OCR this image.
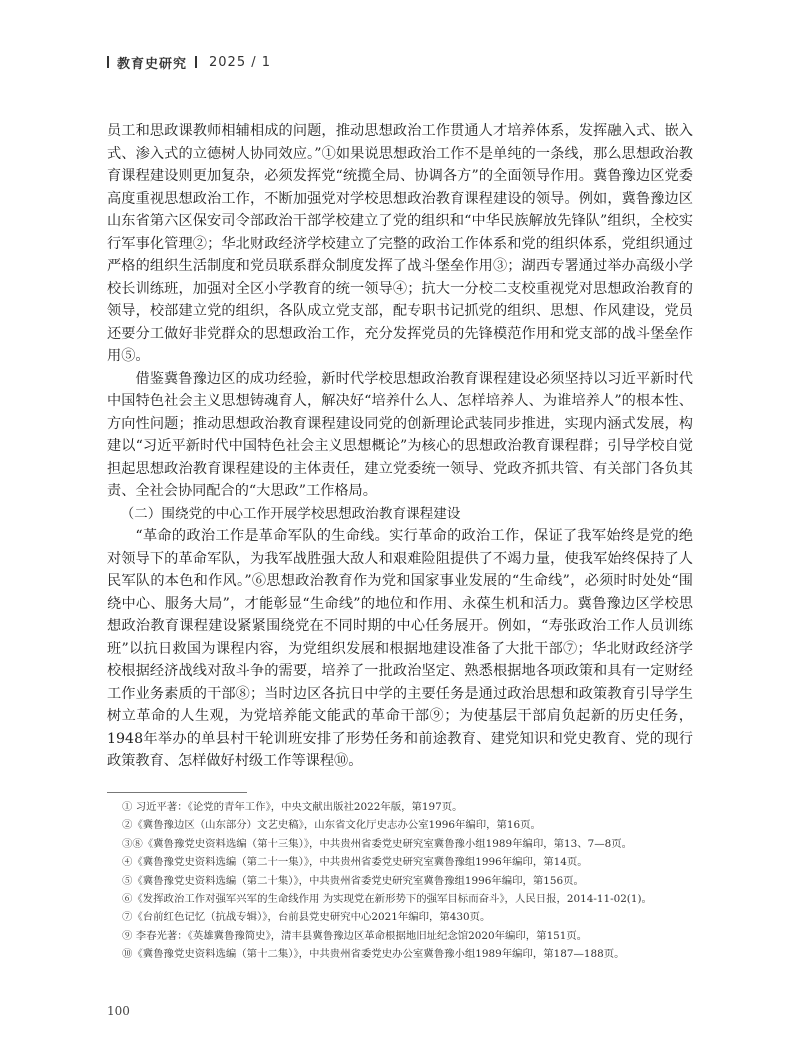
教育史研究 2025 / 1

员工和思政课教师相辅相成的问题，推动思想政治工作贯通人才培养体系，发挥融入式、嵌入式、渗入式的立德树人协同效应。”①如果说思想政治工作不是单纯的一条线，那么思想政治教育课程建设则更加复杂，必须发挥党“统揽全局、协调各方”的全面领导作用。冀鲁豫边区党委高度重视思想政治工作，不断加强党对学校思想政治教育课程建设的领导。例如，冀鲁豫边区山东省第六区保安司令部政治干部学校建立了党的组织和“中华民族解放先锋队”组织，全校实行军事化管理②；华北财政经济学校建立了完整的政治工作体系和党的组织体系，党组织通过严格的组织生活制度和党员联系群众制度发挥了战斗堡垒作用③；湖西专署通过举办高级小学校长训练班，加强对全区小学教育的统一领导④；抗大一分校二支校重视党对思想政治教育的领导，校部建立党的组织，各队成立党支部，配专职书记抓党的组织、思想、作风建设，党员还要分工做好非党群众的思想政治工作，充分发挥党员的先锋模范作用和党支部的战斗堡垒作用⑤。

借鉴冀鲁豫边区的成功经验，新时代学校思想政治教育课程建设必须坚持以习近平新时代中国特色社会主义思想铸魂育人，解决好“培养什么人、怎样培养人、为谁培养人”的根本性、方向性问题；推动思想政治教育课程建设同党的创新理论武装同步推进，实现内涵式发展，构建以“习近平新时代中国特色社会主义思想概论”为核心的思想政治教育课程群；引导学校自觉担起思想政治教育课程建设的主体责任，建立党委统一领导、党政齐抓共管、有关部门各负其责、全社会协同配合的“大思政”工作格局。

（二）围绕党的中心工作开展学校思想政治教育课程建设

“革命的政治工作是革命军队的生命线。实行革命的政治工作，保证了我军始终是党的绝对领导下的革命军队，为我军战胜强大敌人和艰难险阻提供了不竭力量，使我军始终保持了人民军队的本色和作风。”⑥思想政治教育作为党和国家事业发展的“生命线”，必须时时处处“围绕中心、服务大局”，才能彰显“生命线”的地位和作用、永葆生机和活力。冀鲁豫边区学校思想政治教育课程建设紧紧围绕党在不同时期的中心任务展开。例如，“寿张政治工作人员训练班”以抗日救国为课程内容，为党组织发展和根据地建设准备了大批干部⑦；华北财政经济学校根据经济战线对敌斗争的需要，培养了一批政治坚定、熟悉根据地各项政策和具有一定财经工作业务素质的干部⑧；当时边区各抗日中学的主要任务是通过政治思想和政策教育引导学生树立革命的人生观，为党培养能文能武的革命干部⑨；为使基层干部肩负起新的历史任务，1948年举办的单县村干轮训班安排了形势任务和前途教育、建党知识和党史教育、党的现行政策教育、怎样做好村级工作等课程⑩。

① 习近平著：《论党的青年工作》，中央文献出版社2022年版，第197页。
②《冀鲁豫边区（山东部分）文艺史稿》，山东省文化厅史志办公室1996年编印，第16页。
③⑧《冀鲁豫党史资料选编（第十三集）》，中共贵州省委党史研究室冀鲁豫小组1989年编印，第13、7—8页。
④《冀鲁豫党史资料选编（第二十一集）》，中共贵州省委党史研究室冀鲁豫组1996年编印，第14页。
⑤《冀鲁豫党史资料选编（第二十集）》，中共贵州省委党史研究室冀鲁豫组1996年编印，第156页。
⑥《发挥政治工作对强军兴军的生命线作用 为实现党在新形势下的强军目标而奋斗》，人民日报，2014-11-02(1)。
⑦《台前红色记忆（抗战专辑）》，台前县党史研究中心2021年编印，第430页。
⑨ 李春光著：《英雄冀鲁豫简史》，清丰县冀鲁豫边区革命根据地旧址纪念馆2020年编印，第151页。
⑩《冀鲁豫党史资料选编（第十二集）》，中共贵州省委党史办公室冀鲁豫小组1989年编印，第187—188页。
100
